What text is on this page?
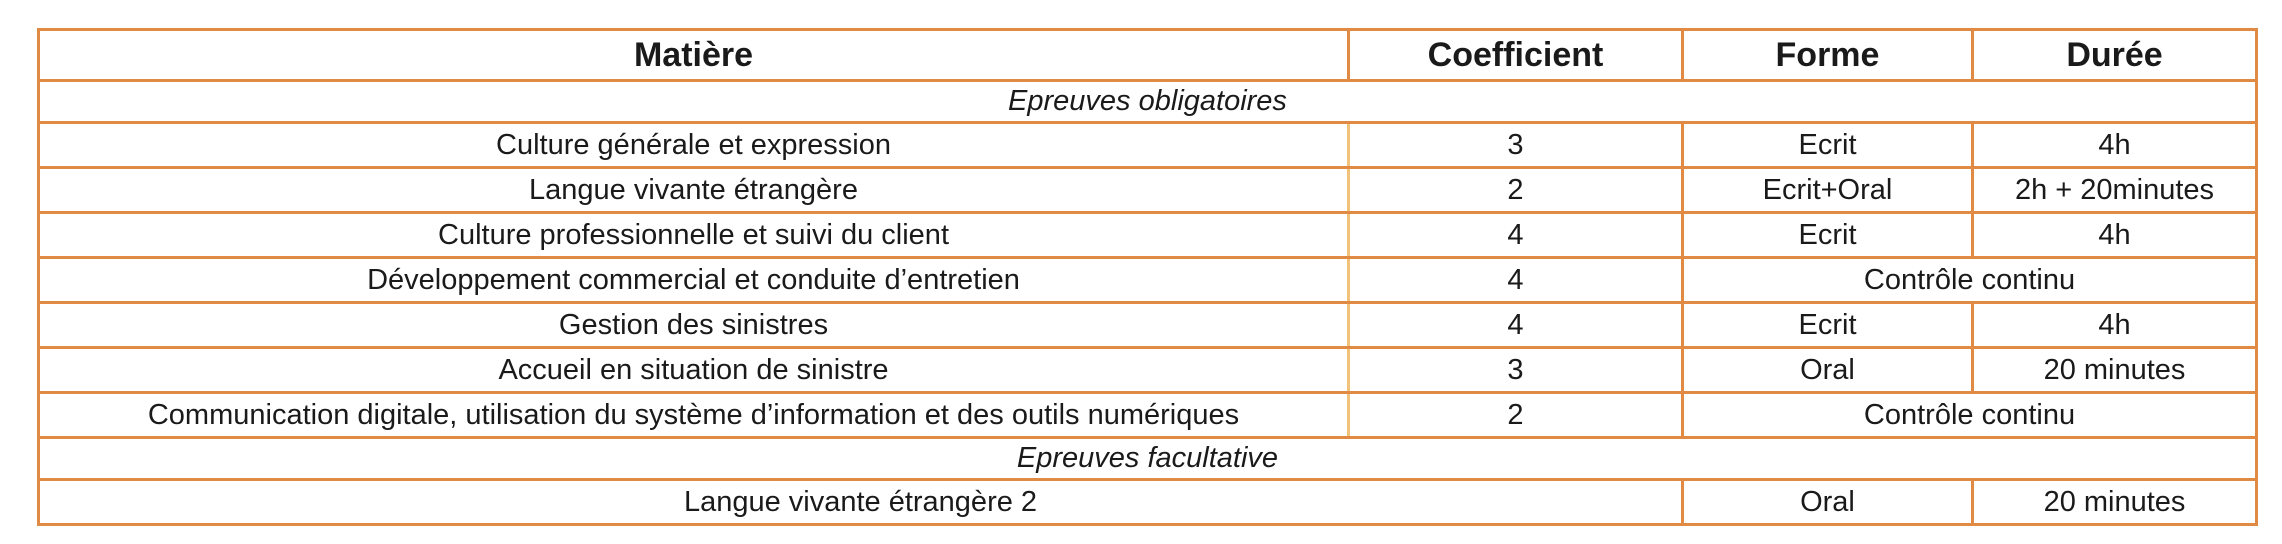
Matière	Coefficient	Forme	Durée
Epreuves obligatoires			
Culture générale et expression	3	Ecrit	4h
Langue vivante étrangère	2	Ecrit+Oral	2h + 20minutes
Culture professionnelle et suivi du client	4	Ecrit	4h
Développement commercial et conduite d’entretien	4	Contrôle continu	
Gestion des sinistres	4	Ecrit	4h
Accueil en situation de sinistre	3	Oral	20 minutes
Communication digitale, utilisation du système d’information et des outils numériques	2	Contrôle continu	
Epreuves facultative			
Langue vivante étrangère 2		Oral	20 minutes
